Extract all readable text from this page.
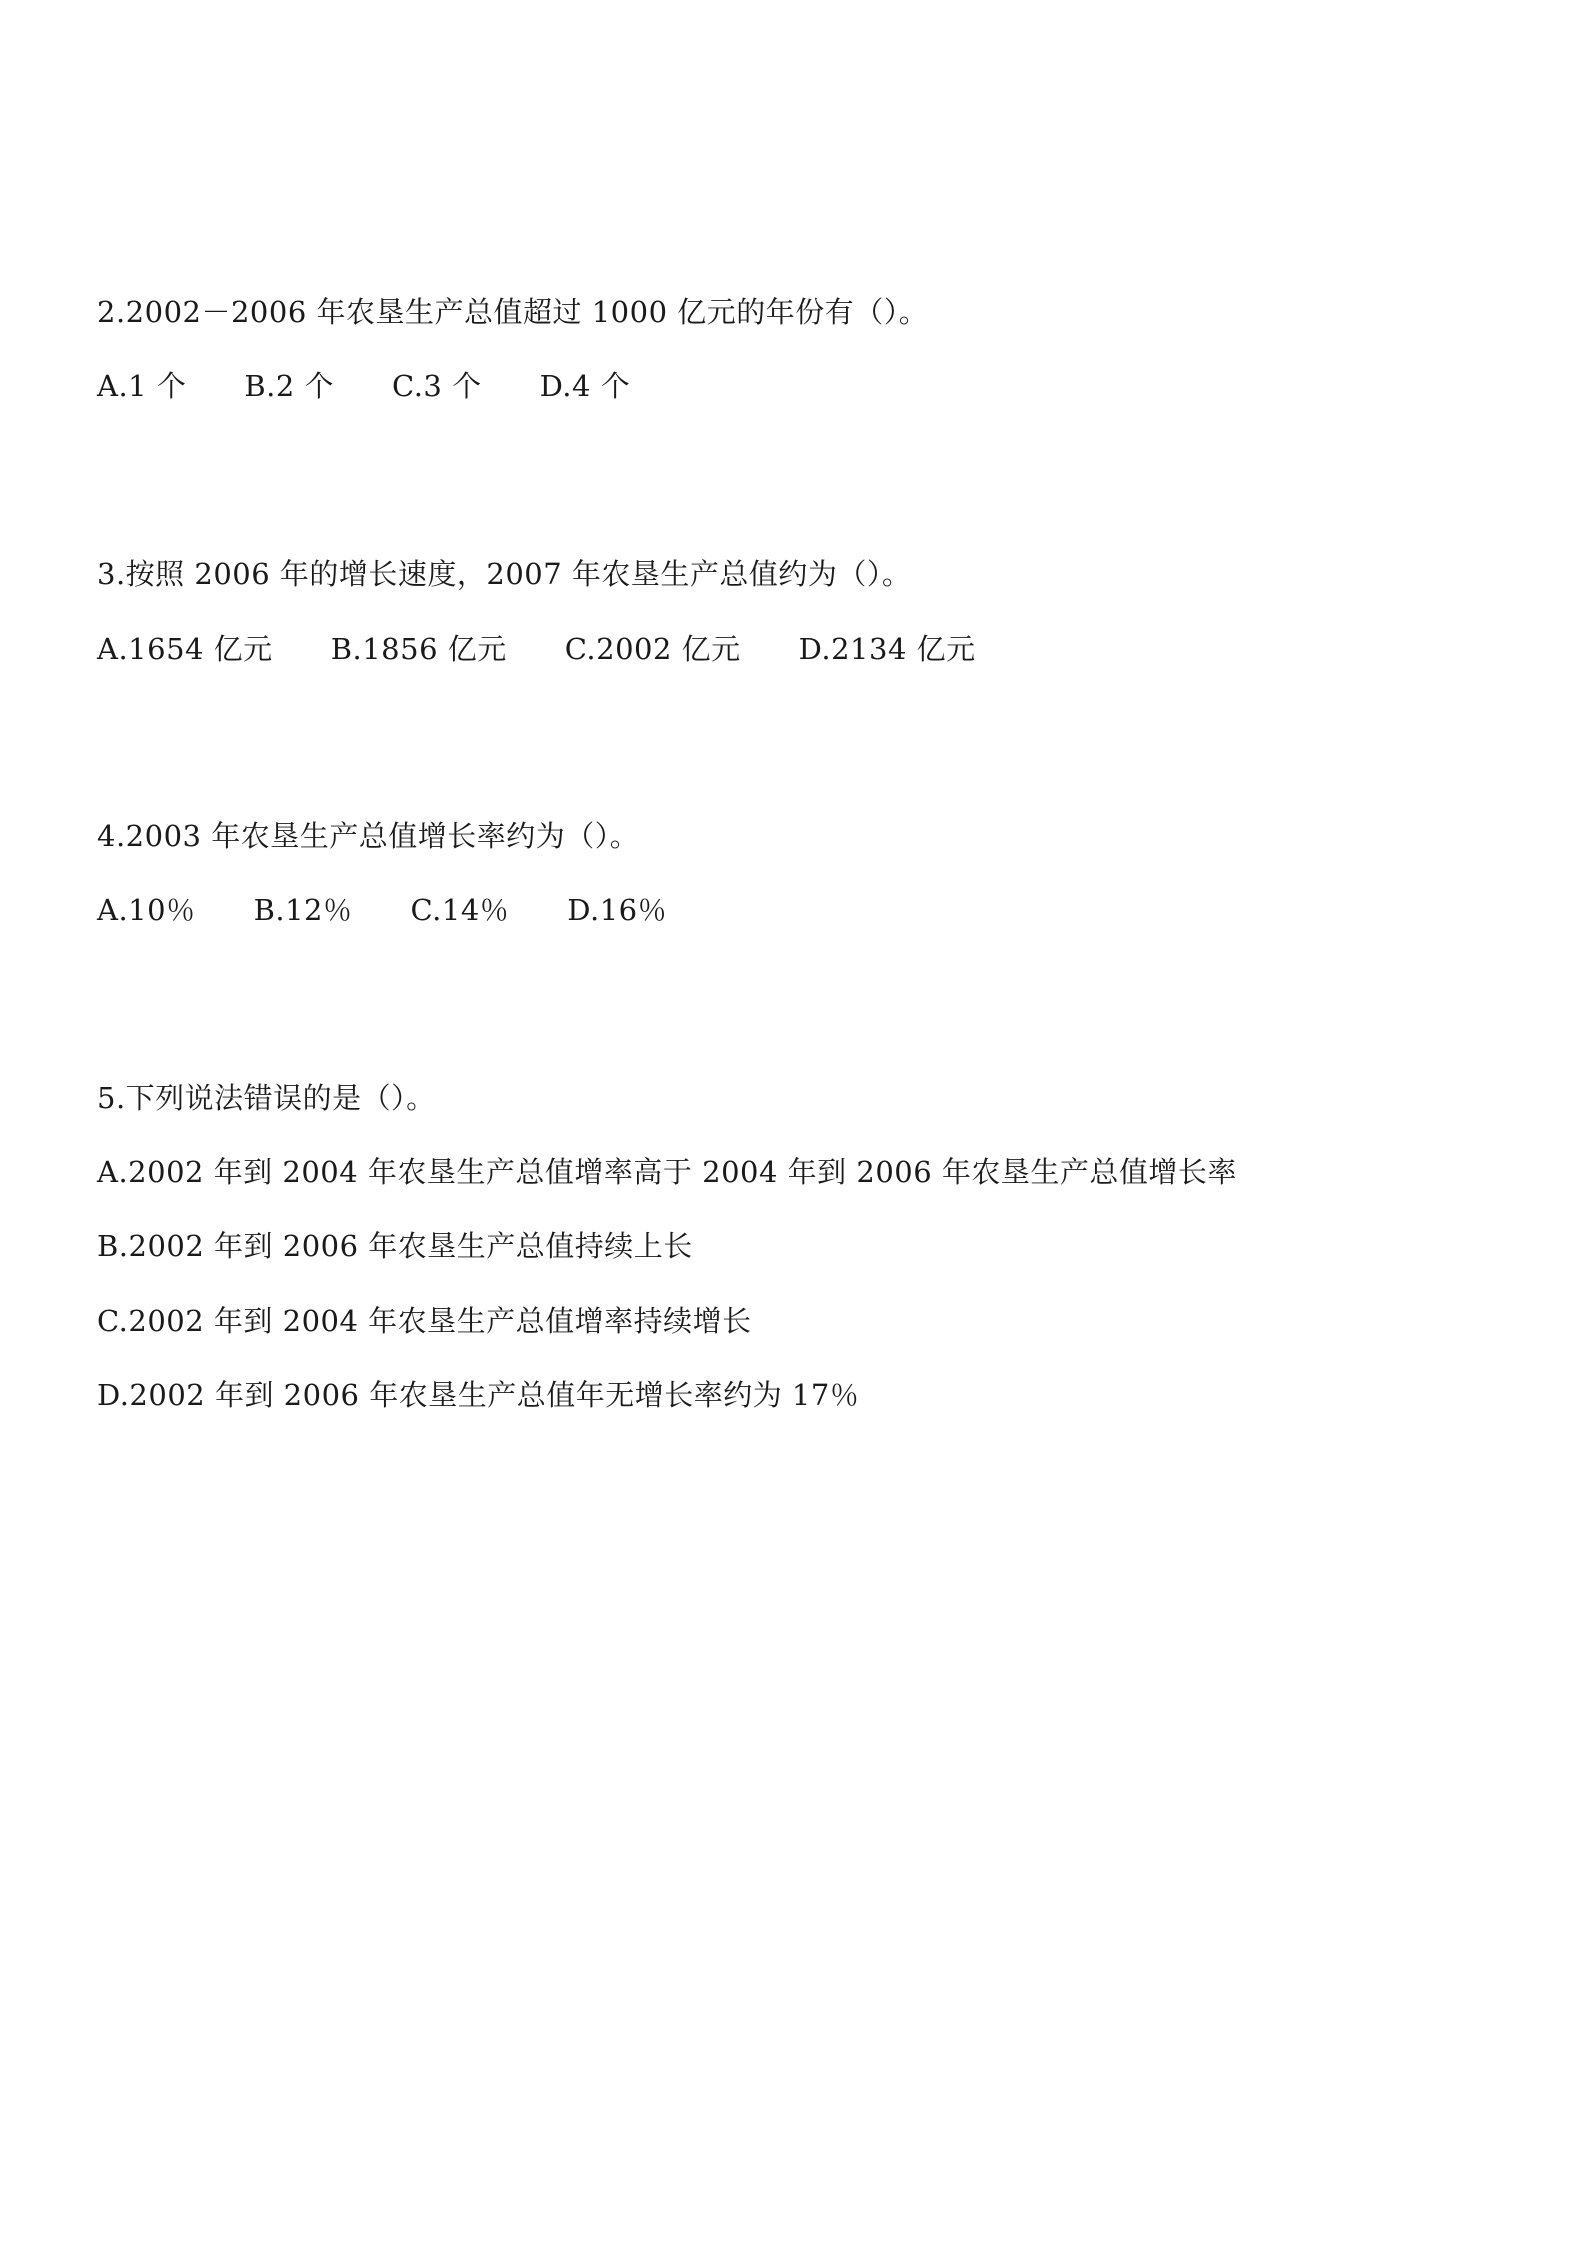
2.2002－2006 年农垦生产总值超过 1000 亿元的年份有（）。
A.1 个 B.2 个 C.3 个 D.4 个
3.按照 2006 年的增长速度，2007 年农垦生产总值约为（）。
A.1654 亿元 B.1856 亿元 C.2002 亿元 D.2134 亿元
4.2003 年农垦生产总值增长率约为（）。
A.10％ B.12％ C.14％ D.16％
5.下列说法错误的是（）。
A.2002 年到 2004 年农垦生产总值增率高于 2004 年到 2006 年农垦生产总值增长率
B.2002 年到 2006 年农垦生产总值持续上长
C.2002 年到 2004 年农垦生产总值增率持续增长
D.2002 年到 2006 年农垦生产总值年无增长率约为 17％
